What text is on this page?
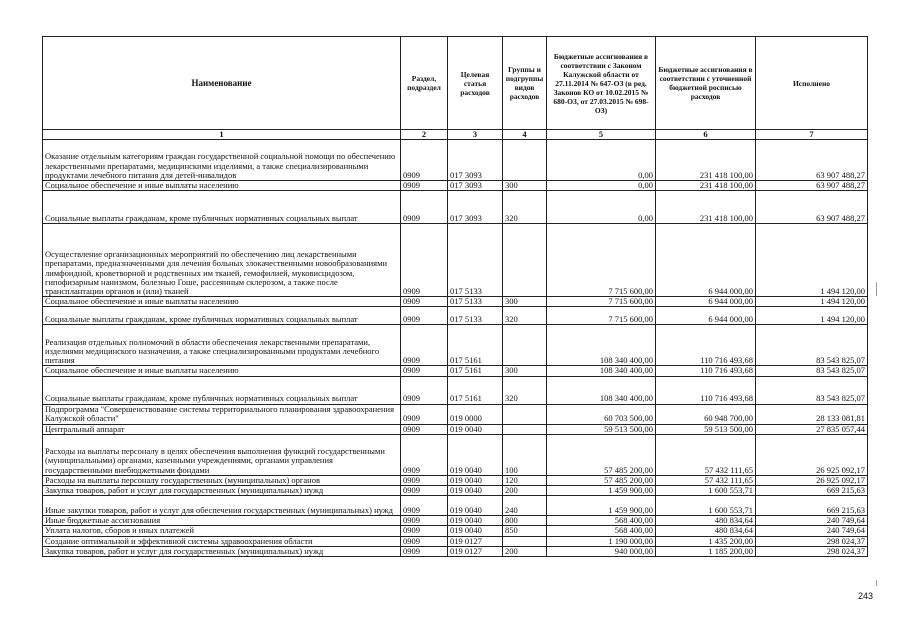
Наименование	Раздел, подраздел	Целевая статья расходов	Группы и подгруппы видов расходов	Бюджетные ассигнования в соответствии с Законом Калужской области от 27.11.2014 № 647-ОЗ (в ред. Законов КО от 10.02.2015 № 680-ОЗ, от 27.03.2015 № 698-ОЗ)	Бюджетные ассигнования в соответствии с уточненной бюджетной росписью расходов	Исполнено
1	2	3	4	5	6	7
Оказание отдельным категориям граждан государственной социальной помощи по обеспечению лекарственными препаратами, медицинскими изделиями, а также специализированными продуктами лечебного питания для детей-инвалидов	0909	017 3093		0,00	231 418 100,00	63 907 488,27
Социальное обеспечение и иные выплаты населению	0909	017 3093	300	0,00	231 418 100,00	63 907 488,27
Социальные выплаты гражданам, кроме публичных нормативных социальных выплат	0909	017 3093	320	0,00	231 418 100,00	63 907 488,27
Осуществление организационных мероприятий по обеспечению лиц лекарственными препаратами, предназначенными для лечения больных злокачественными новообразованиями лимфоидной, кроветворной и родственных им тканей, гемофилией, муковисцидозом, гипофизарным нанизмом, болезнью Гоше, рассеянным склерозом, а также после трансплантации органов и (или) тканей	0909	017 5133		7 715 600,00	6 944 000,00	1 494 120,00
Социальное обеспечение и иные выплаты населению	0909	017 5133	300	7 715 600,00	6 944 000,00	1 494 120,00
Социальные выплаты гражданам, кроме публичных нормативных социальных выплат	0909	017 5133	320	7 715 600,00	6 944 000,00	1 494 120,00
Реализация отдельных полномочий в области обеспечения лекарственными препаратами, изделиями медицинского назначения, а также специализированными продуктами лечебного питания	0909	017 5161		108 340 400,00	110 716 493,68	83 543 825,07
Социальное обеспечение и иные выплаты населению	0909	017 5161	300	108 340 400,00	110 716 493,68	83 543 825,07
Социальные выплаты гражданам, кроме публичных нормативных социальных выплат	0909	017 5161	320	108 340 400,00	110 716 493,68	83 543 825,07
Подпрограмма "Совершенствование системы территориального планирования здравоохранения Калужской области"	0909	019 0000		60 703 500,00	60 948 700,00	28 133 081,81
Центральный аппарат	0909	019 0040		59 513 500,00	59 513 500,00	27 835 057,44
Расходы на выплаты персоналу в целях обеспечения выполнения функций государственными (муниципальными) органами, казенными учреждениями, органами управления государственными внебюджетными фондами	0909	019 0040	100	57 485 200,00	57 432 111,65	26 925 092,17
Расходы на выплаты персоналу государственных (муниципальных) органов	0909	019 0040	120	57 485 200,00	57 432 111,65	26 925 092,17
Закупка товаров, работ и услуг для государственных (муниципальных) нужд	0909	019 0040	200	1 459 900,00	1 600 553,71	669 215,63
Иные закупки товаров, работ и услуг для обеспечения государственных (муниципальных) нужд	0909	019 0040	240	1 459 900,00	1 600 553,71	669 215,63
Иные бюджетные ассигнования	0909	019 0040	800	568 400,00	480 834,64	240 749,64
Уплата налогов, сборов и иных платежей	0909	019 0040	850	568 400,00	480 834,64	240 749,64
Создание оптимальной и эффективной системы здравоохранения области	0909	019 0127		1 190 000,00	1 435 200,00	298 024,37
Закупка товаров, работ и услуг для государственных (муниципальных) нужд	0909	019 0127	200	940 000,00	1 185 200,00	298 024,37
243
